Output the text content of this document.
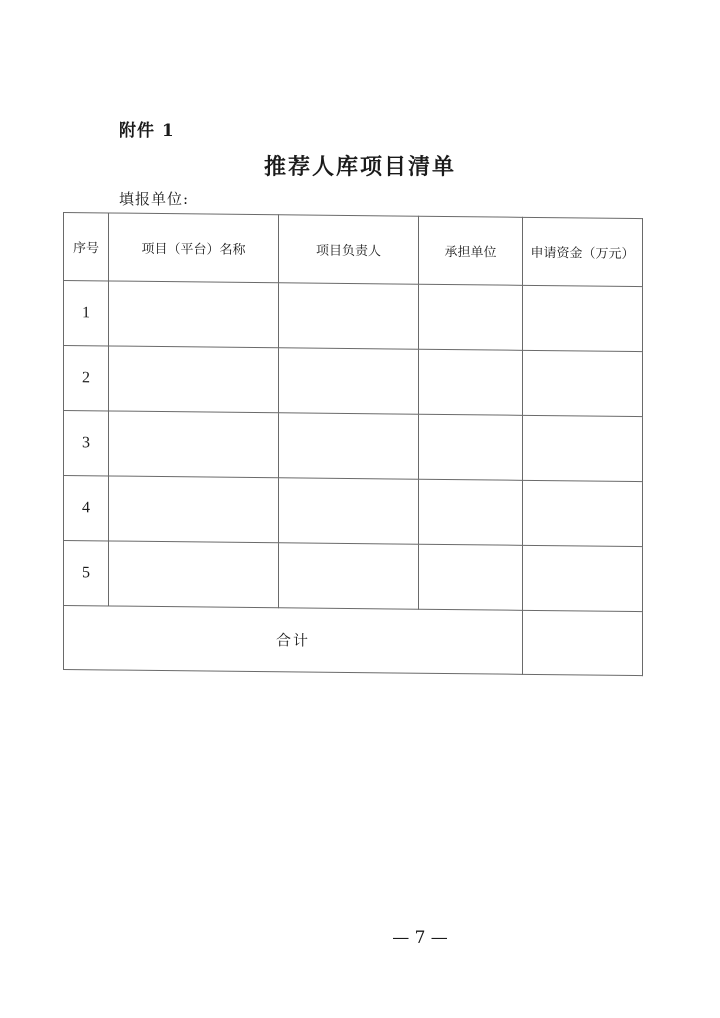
附件 1
推荐人库项目清单
填报单位:
序号	项目（平台）名称	项目负责人	承担单位	申请资金（万元）
1				
2				
3				
4				
5				
合计				
— 7 —
